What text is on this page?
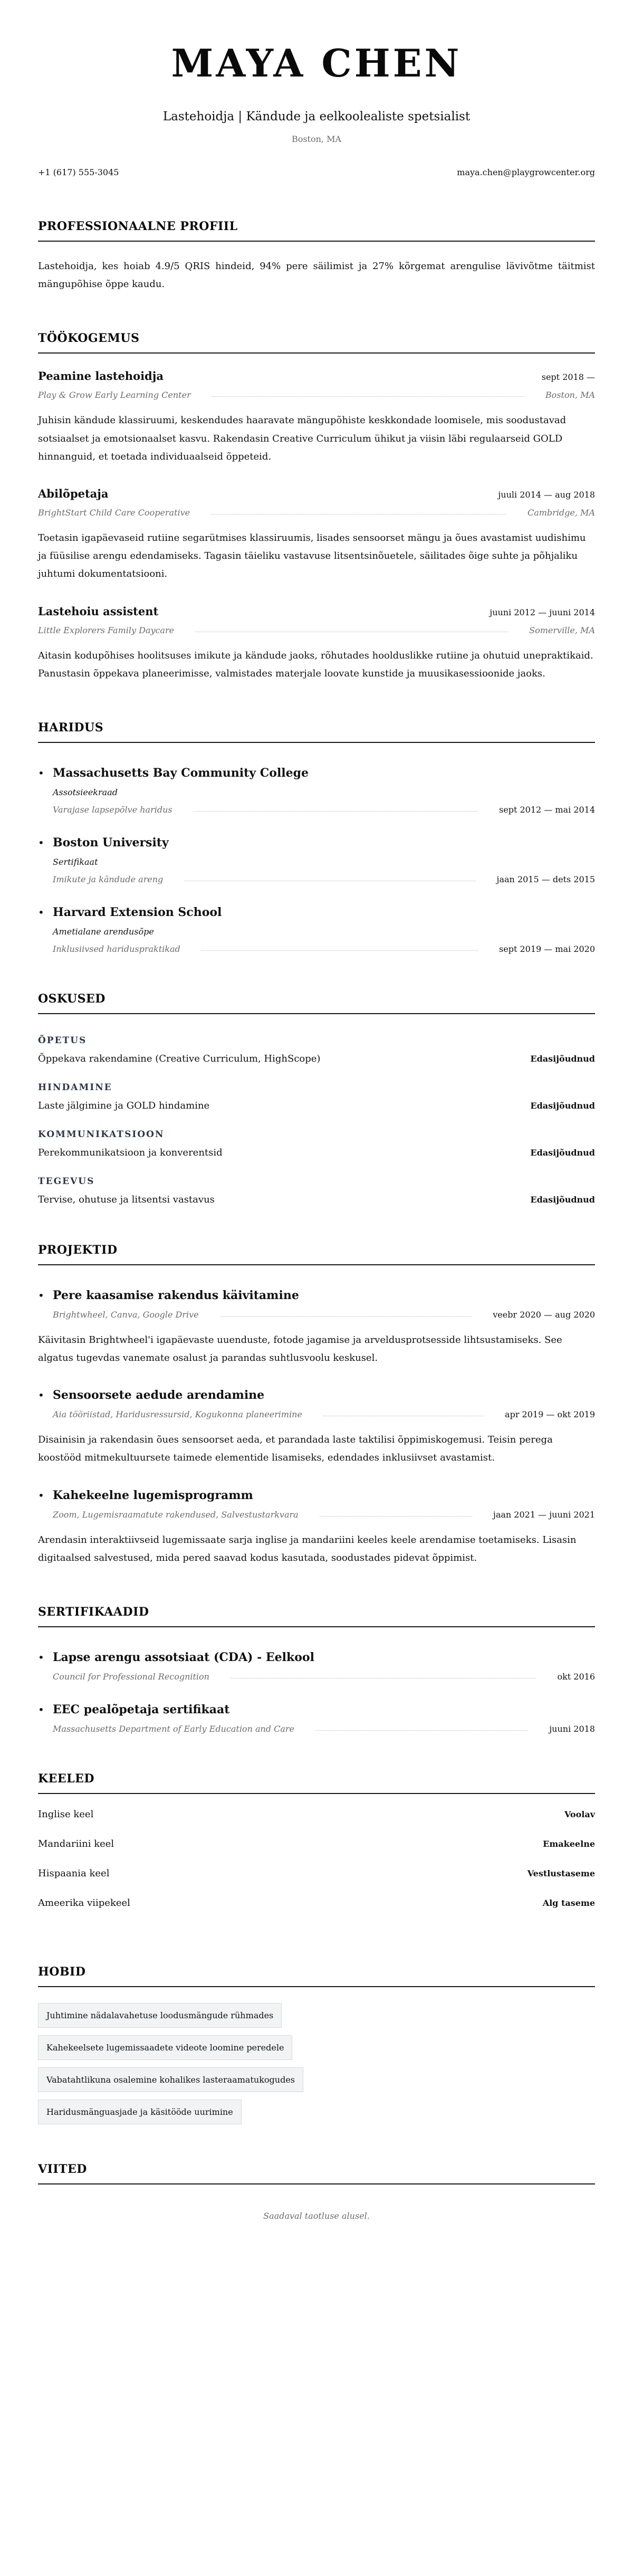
MAYA CHEN
Lastehoidja | Kändude ja eelkoolealiste spetsialist
Boston, MA
+1 (617) 555-3045	maya.chen@playgrowcenter.org
PROFESSIONAALNE PROFIIL

Lastehoidja, kes hoiab 4.9/5 QRIS hindeid, 94% pere säilimist ja 27% kõrgemat arengulise lävivõtme täitmist mängupõhise õppe kaudu.

TÖÖKOGEMUS
Peamine lastehoidja	sept 2018 —
Play & Grow Early Learning Center	Boston, MA

Juhisin kändude klassiruumi, keskendudes haaravate mängupõhiste keskkondade loomisele, mis soodustavad sotsiaalset ja emotsionaalset kasvu. Rakendasin Creative Curriculum ühikut ja viisin läbi regulaarseid GOLD hinnanguid, et toetada individuaalseid õppeteid.

Abilõpetaja	juuli 2014 — aug 2018
BrightStart Child Care Cooperative	Cambridge, MA

Toetasin igapäevaseid rutiine segarütmises klassiruumis, lisades sensoorset mängu ja õues avastamist uudishimu ja füüsilise arengu edendamiseks. Tagasin täieliku vastavuse litsentsinõuetele, säilitades õige suhte ja põhjaliku juhtumi dokumentatsiooni.

Lastehoiu assistent	juuni 2012 — juuni 2014
Little Explorers Family Daycare	Somerville, MA

Aitasin kodupõhises hoolitsuses imikute ja kändude jaoks, rõhutades hoolduslikke rutiine ja ohutuid unepraktikaid. Panustasin õppekava planeerimisse, valmistades materjale loovate kunstide ja muusikasessioonide jaoks.

HARIDUS
• Massachusetts Bay Community College
Assotsieekraad
Varajase lapsepõlve haridus	sept 2012 — mai 2014
• Boston University
Sertifikaat
Imikute ja kändude areng	jaan 2015 — dets 2015
• Harvard Extension School
Ametialane arendusõpe
Inklusiivsed hariduspraktikad	sept 2019 — mai 2020
OSKUSED
ÕPETUS
Õppekava rakendamine (Creative Curriculum, HighScope)	Edasijõudnud
HINDAMINE
Laste jälgimine ja GOLD hindamine	Edasijõudnud
KOMMUNIKATSIOON
Perekommunikatsioon ja konverentsid	Edasijõudnud
TEGEVUS
Tervise, ohutuse ja litsentsi vastavus	Edasijõudnud
PROJEKTID
• Pere kaasamise rakendus käivitamine
Brightwheel, Canva, Google Drive	veebr 2020 — aug 2020

Käivitasin Brightwheel'i igapäevaste uuenduste, fotode jagamise ja arveldusprotsesside lihtsustamiseks. See algatus tugevdas vanemate osalust ja parandas suhtlusvoolu keskusel.

• Sensoorsete aedude arendamine
Aia tööriistad, Haridusressursid, Kogukonna planeerimine	apr 2019 — okt 2019

Disainisin ja rakendasin õues sensoorset aeda, et parandada laste taktilisi õppimiskogemusi. Teisin perega koostööd mitmekultuursete taimede elementide lisamiseks, edendades inklusiivset avastamist.

• Kahekeelne lugemisprogramm
Zoom, Lugemisraamatute rakendused, Salvestustarkvara	jaan 2021 — juuni 2021

Arendasin interaktiivseid lugemissaate sarja inglise ja mandariini keeles keele arendamise toetamiseks. Lisasin digitaalsed salvestused, mida pered saavad kodus kasutada, soodustades pidevat õppimist.

SERTIFIKAADID
• Lapse arengu assotsiaat (CDA) - Eelkool
Council for Professional Recognition	okt 2016
• EEC pealõpetaja sertifikaat
Massachusetts Department of Early Education and Care	juuni 2018
KEELED
Inglise keel	Voolav
Mandariini keel	Emakeelne
Hispaania keel	Vestlustaseme
Ameerika viipekeel	Alg taseme
HOBID
Juhtimine nädalavahetuse loodusmängude rühmades
Kahekeelsete lugemissaadete videote loomine peredele
Vabatahtlikuna osalemine kohalikes lasteraamatukogudes
Haridusmänguasjade ja käsitööde uurimine
VIITED

Saadaval taotluse alusel.
